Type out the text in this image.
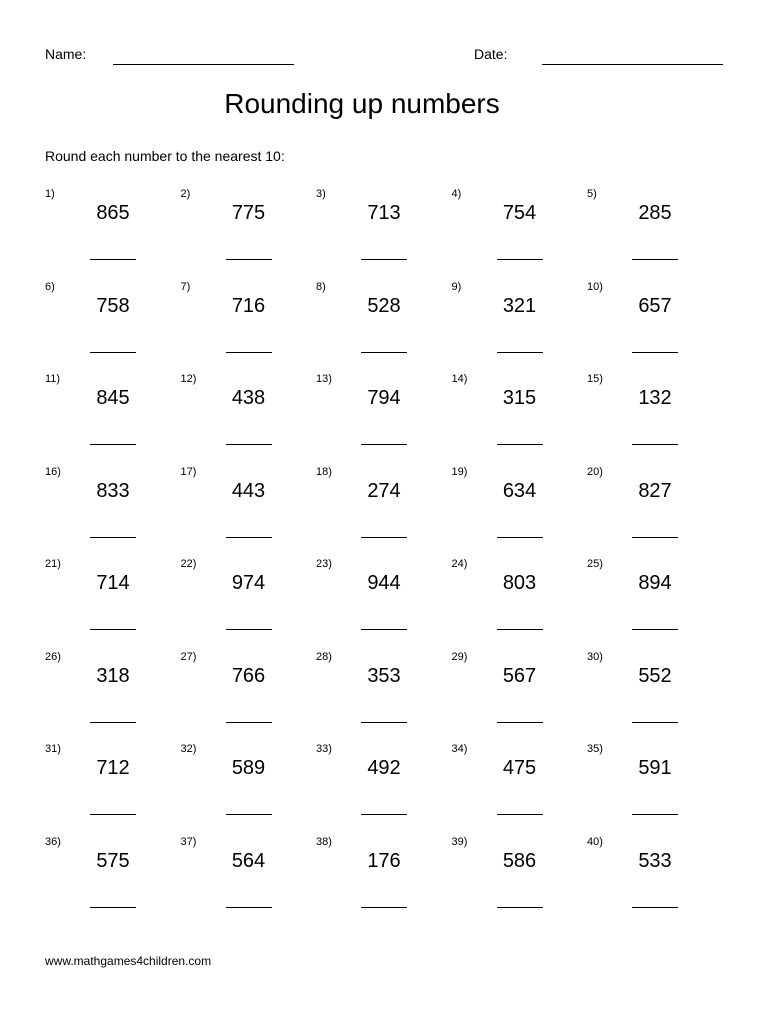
Name:	Date:
Rounding up numbers
Round each number to the nearest 10:
1)
865
2)
775
3)
713
4)
754
5)
285
6)
758
7)
716
8)
528
9)
321
10)
657
11)
845
12)
438
13)
794
14)
315
15)
132
16)
833
17)
443
18)
274
19)
634
20)
827
21)
714
22)
974
23)
944
24)
803
25)
894
26)
318
27)
766
28)
353
29)
567
30)
552
31)
712
32)
589
33)
492
34)
475
35)
591
36)
575
37)
564
38)
176
39)
586
40)
533
www.mathgames4children.com
